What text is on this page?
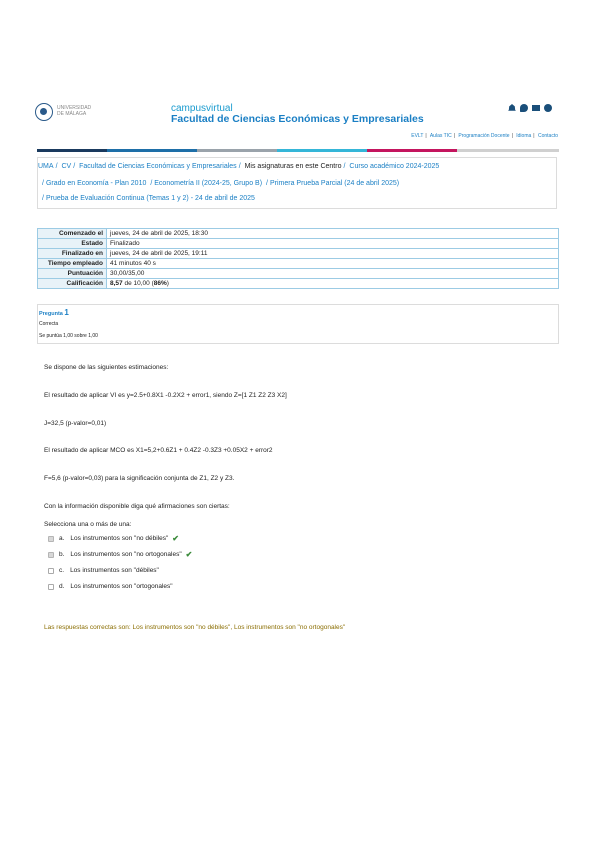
UNIVERSIDAD
DE MÁLAGA	campusvirtual
Facultad de Ciencias Económicas y Empresariales
EVLT | Aulas TIC | Programación Docente | Idioma | Contacto
UMA / CV / Facultad de Ciencias Económicas y Empresariales / Mis asignaturas en este Centro / Curso académico 2024-2025
/ Grado en Economía - Plan 2010 / Econometría II (2024-25, Grupo B) / Primera Prueba Parcial (24 de abril 2025)
/ Prueba de Evaluación Continua (Temas 1 y 2) - 24 de abril de 2025
Comenzado el	jueves, 24 de abril de 2025, 18:30
Estado	Finalizado
Finalizado en	jueves, 24 de abril de 2025, 19:11
Tiempo empleado	41 minutos 40 s
Puntuación	30,00/35,00
Calificación	8,57 de 10,00 (86%)
Pregunta 1
Correcta
Se puntúa 1,00 sobre 1,00
Se dispone de las siguientes estimaciones:
El resultado de aplicar VI es y=2.5+0.8X1 -0.2X2 + error1, siendo Z=[1 Z1 Z2 Z3 X2]
J=32,5 (p-valor=0,01)
El resultado de aplicar MCO es X1=5,2+0.6Z1 + 0.4Z2 -0.3Z3 +0.05X2 + error2
F=5,6 (p-valor=0,03) para la significación conjunta de Z1, Z2 y Z3.
Con la información disponible diga qué afirmaciones son ciertas:
Selecciona una o más de una:
a. Los instrumentos son "no débiles" ✔
b. Los instrumentos son "no ortogonales" ✔
c. Los instrumentos son "débiles"
d. Los instrumentos son "ortogonales"
Las respuestas correctas son: Los instrumentos son "no débiles", Los instrumentos son "no ortogonales"
